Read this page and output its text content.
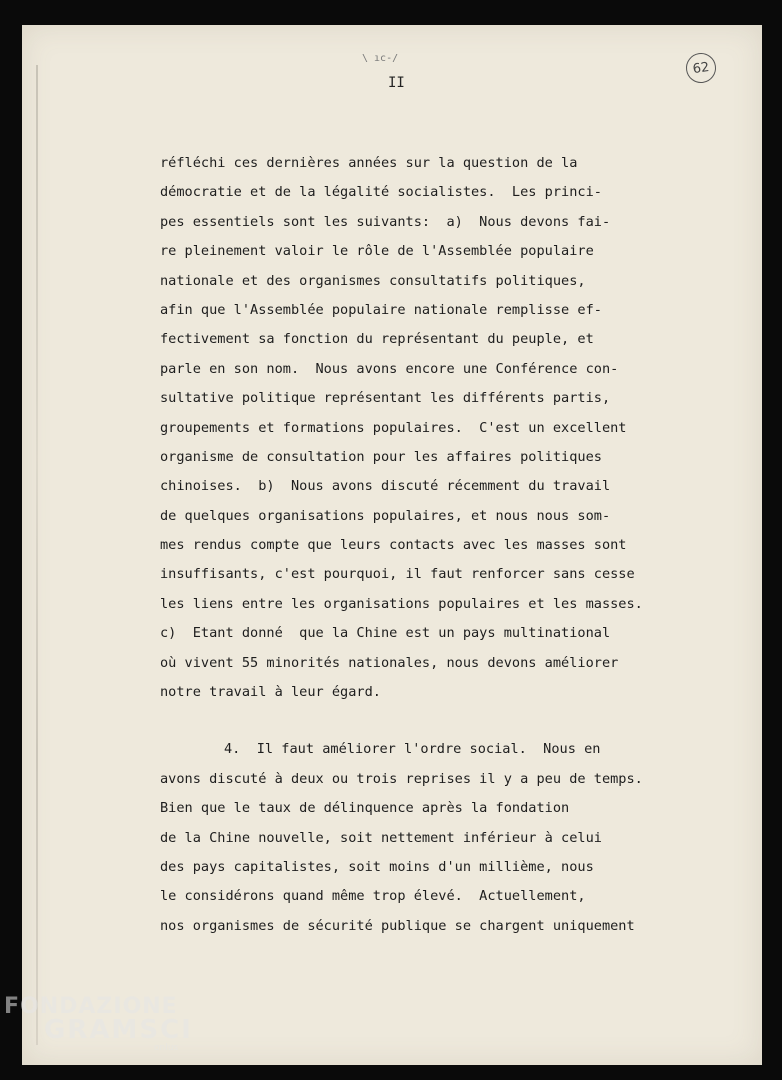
\ ıc-/
62
II
réfléchi ces dernières années sur la question de la
démocratie et de la légalité socialistes.  Les princi-
pes essentiels sont les suivants:  a)  Nous devons fai-
re pleinement valoir le rôle de l'Assemblée populaire
nationale et des organismes consultatifs politiques,
afin que l'Assemblée populaire nationale remplisse ef-
fectivement sa fonction du représentant du peuple, et
parle en son nom.  Nous avons encore une Conférence con-
sultative politique représentant les différents partis,
groupements et formations populaires.  C'est un excellent
organisme de consultation pour les affaires politiques
chinoises.  b)  Nous avons discuté récemment du travail
de quelques organisations populaires, et nous nous som-
mes rendus compte que leurs contacts avec les masses sont
insuffisants, c'est pourquoi, il faut renforcer sans cesse
les liens entre les organisations populaires et les masses.
c)  Etant donné  que la Chine est un pays multinational
où vivent 55 minorités nationales, nous devons améliorer
notre travail à leur égard.
4.  Il faut améliorer l'ordre social.  Nous en
avons discuté à deux ou trois reprises il y a peu de temps.
Bien que le taux de délinquence après la fondation
de la Chine nouvelle, soit nettement inférieur à celui
des pays capitalistes, soit moins d'un millième, nous
le considérons quand même trop élevé.  Actuellement,
nos organismes de sécurité publique se chargent uniquement
FONDAZIONE
GRAMSCI
onlus
